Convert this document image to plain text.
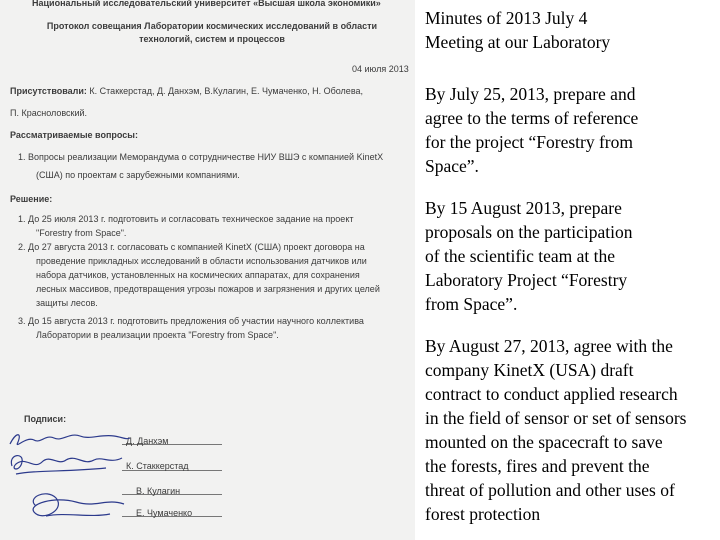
Национальный исследовательский университет «Высшая школа экономики»
Протокол совещания Лаборатории космических исследований в области технологий, систем и процессов
04 июля 2013
Присутствовали: К. Стаккерстад, Д. Данхэм, В.Кулагин, Е. Чумаченко, Н. Оболева,
П. Красноловский.
Рассматриваемые вопросы:
1. Вопросы реализации Меморандума о сотрудничестве НИУ ВШЭ с компанией KinetX
(США) по проектам с зарубежными компаниями.
Решение:
1. До 25 июля 2013 г. подготовить и согласовать техническое задание на проект
"Forestry from Space".
2. До 27 августа 2013 г. согласовать с компанией KinetX (США) проект договора на
проведение прикладных исследований в области использования датчиков или
набора датчиков, установленных на космических аппаратах, для сохранения
лесных массивов, предотвращения угрозы пожаров и загрязнения и других целей
защиты лесов.
3. До 15 августа 2013 г. подготовить предложения об участии научного коллектива
Лаборатории в реализации проекта "Forestry from Space".
Подписи:
Д. Данхэм
К. Стаккерстад
В. Кулагин
Е. Чумаченко
Minutes of 2013 July 4
Meeting at our Laboratory

By July 25, 2013, prepare and
agree to the terms of reference
for the project “Forestry from
Space”.

By 15 August 2013, prepare
proposals on the participation
of the scientific team at the
Laboratory Project “Forestry
from Space”.

By August 27, 2013, agree with the
company KinetX (USA) draft
contract to conduct applied research
in the field of sensor or set of sensors
mounted on the spacecraft to save
the forests, fires and prevent the
threat of pollution and other uses of
forest protection
